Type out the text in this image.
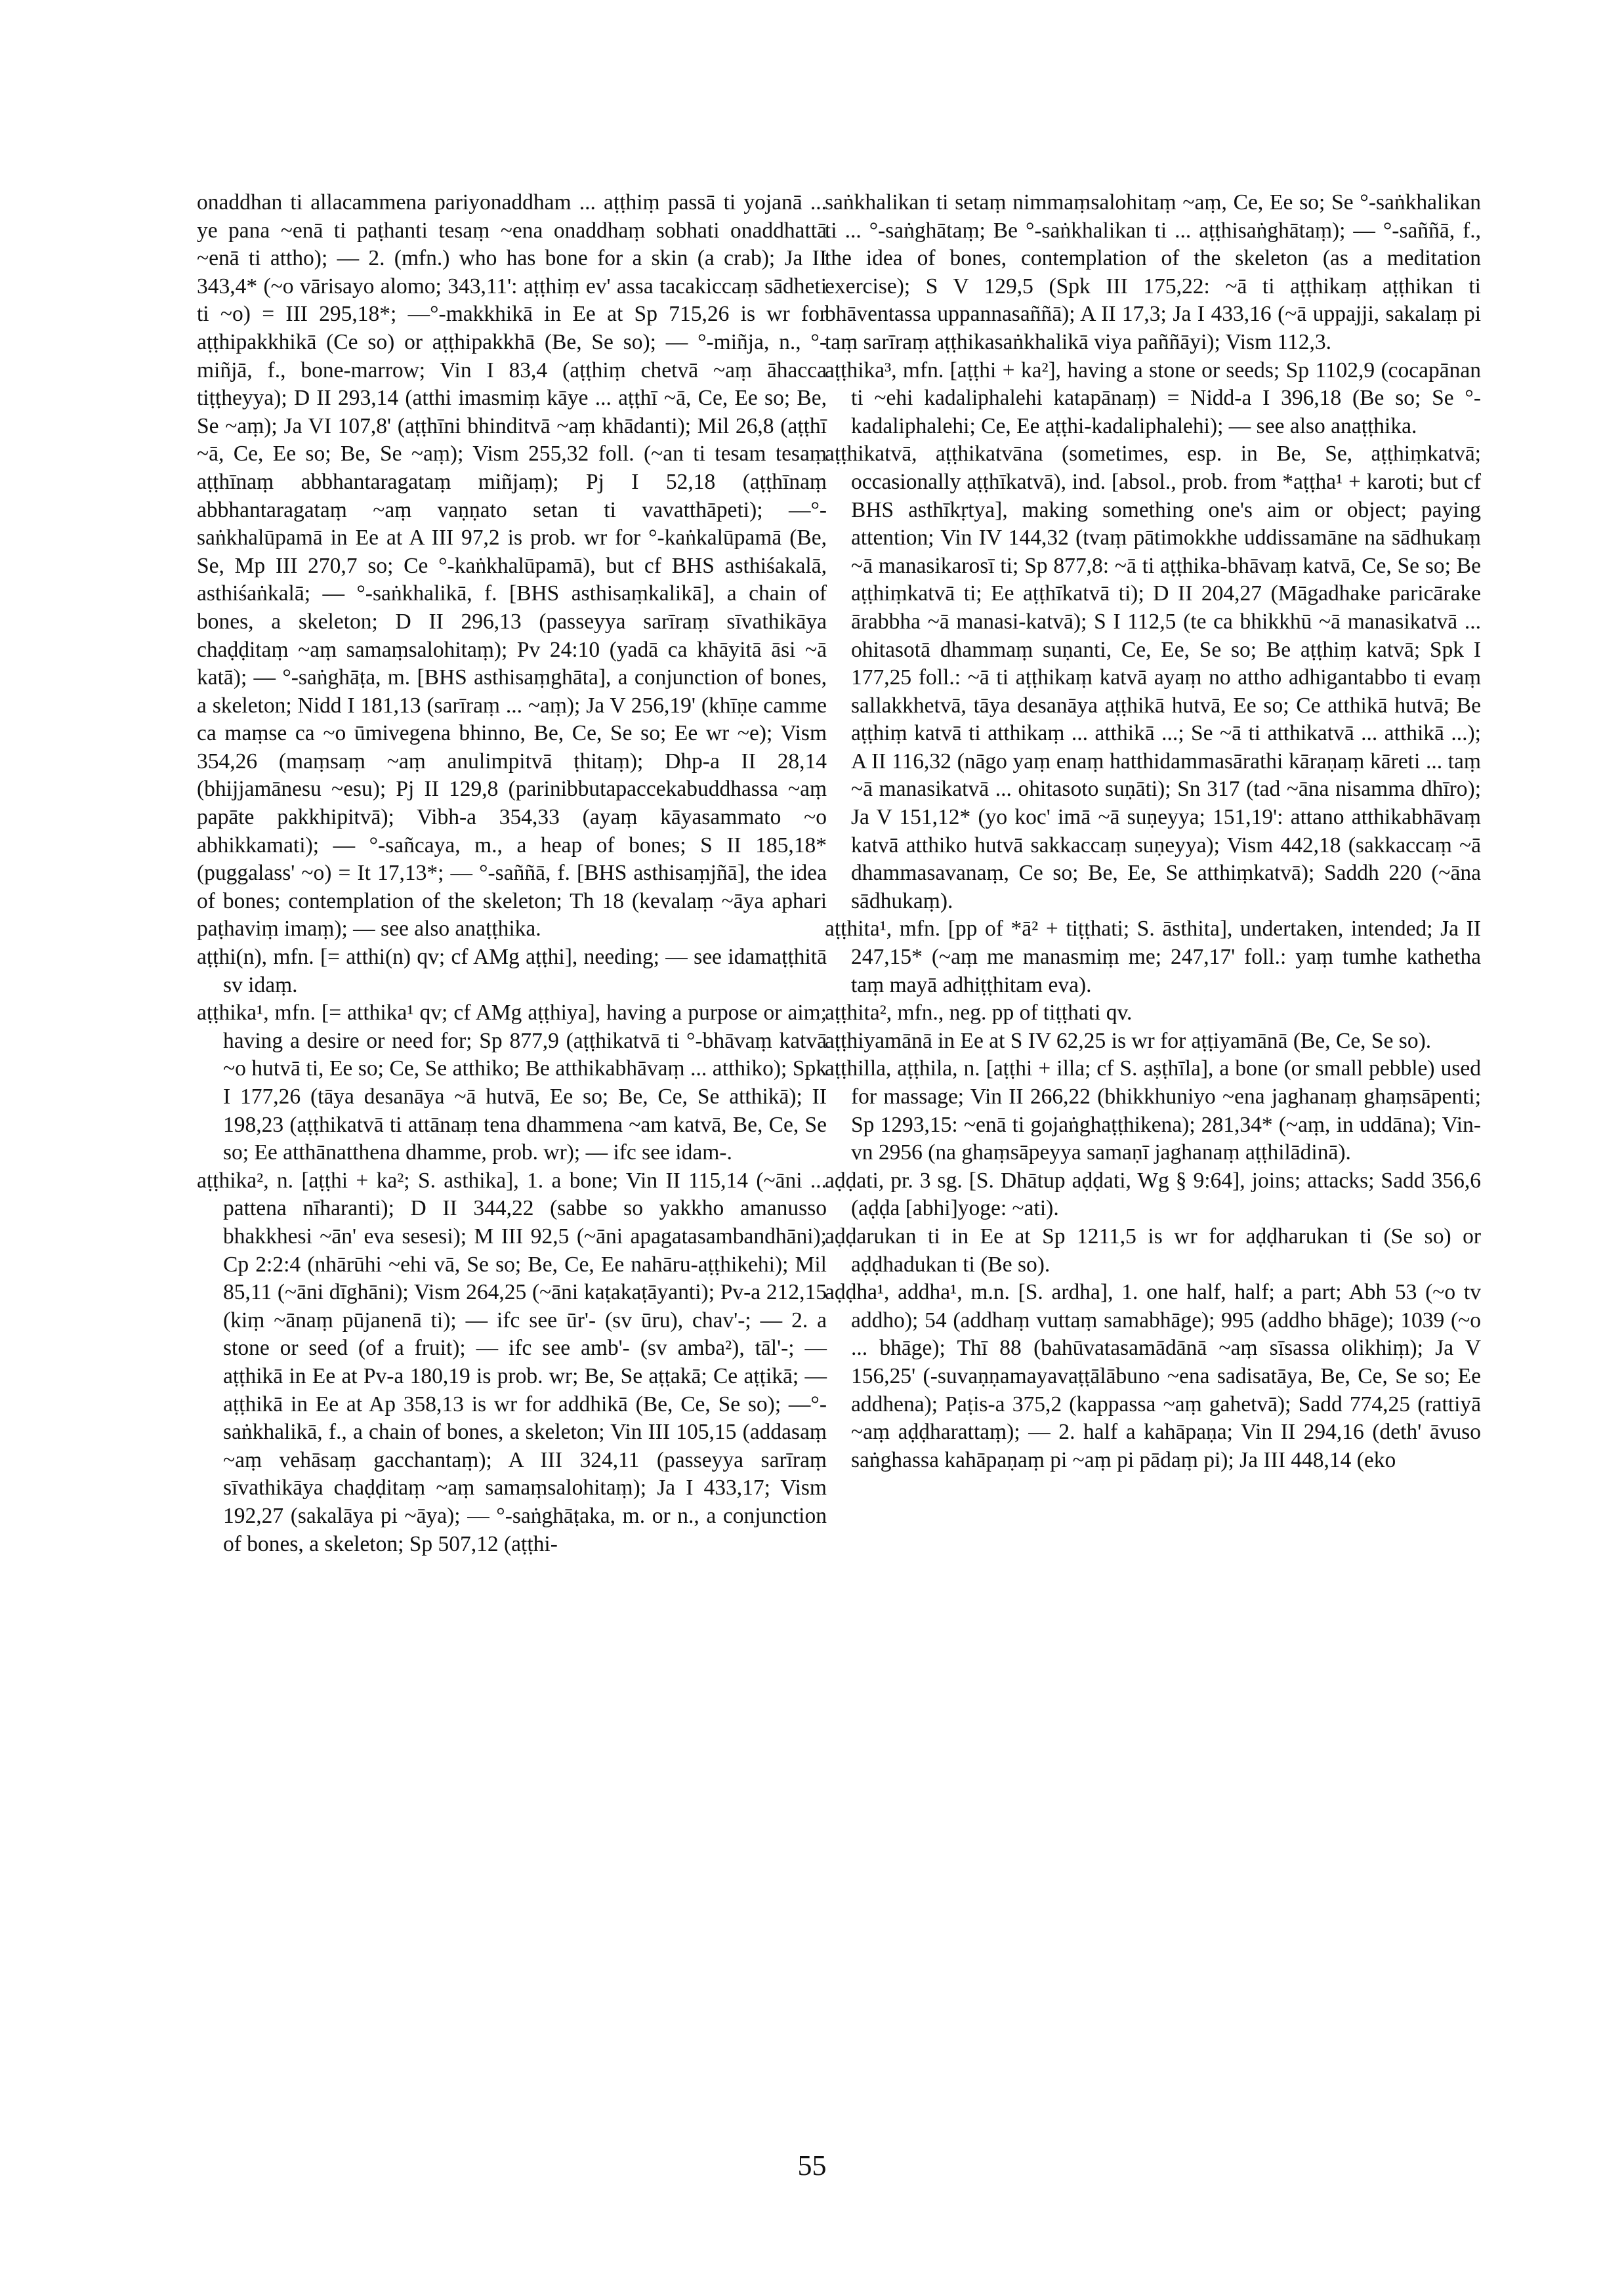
onaddhan ti allacammena pariyonaddham ... aṭṭhiṃ passā ti yojanā ... ye pana ~enā ti paṭhanti tesaṃ ~ena onaddhaṃ sobhati onaddhattā ~enā ti attho); — 2. (mfn.) who has bone for a skin (a crab); Ja II 343,4* (~o vārisayo alomo; 343,11': aṭṭhiṃ ev' assa tacakiccaṃ sādheti ti ~o) = III 295,18*; —°-makkhikā in Ee at Sp 715,26 is wr for aṭṭhipakkhikā (Ce so) or aṭṭhipakkhā (Be, Se so); — °-miñja, n., °-miñjā, f., bone-marrow; Vin I 83,4 (aṭṭhiṃ chetvā ~aṃ āhacca tiṭṭheyya); D II 293,14 (atthi imasmiṃ kāye ... aṭṭhī ~ā, Ce, Ee so; Be, Se ~aṃ); Ja VI 107,8' (aṭṭhīni bhinditvā ~aṃ khādanti); Mil 26,8 (aṭṭhī ~ā, Ce, Ee so; Be, Se ~aṃ); Vism 255,32 foll. (~an ti tesam tesaṃ aṭṭhīnaṃ abbhantaragataṃ miñjaṃ); Pj I 52,18 (aṭṭhīnaṃ abbhantaragataṃ ~aṃ vaṇṇato setan ti vavatthāpeti); —°-saṅkhalūpamā in Ee at A III 97,2 is prob. wr for °-kaṅkalūpamā (Be, Se, Mp III 270,7 so; Ce °-kaṅkhalūpamā), but cf BHS asthiśakalā, asthiśaṅkalā; — °-saṅkhalikā, f. [BHS asthisaṃkalikā], a chain of bones, a skeleton; D II 296,13 (passeyya sarīraṃ sīvathikāya chaḍḍitaṃ ~aṃ samaṃsalohitaṃ); Pv 24:10 (yadā ca khāyitā āsi ~ā katā); — °-saṅghāṭa, m. [BHS asthisaṃghāta], a conjunction of bones, a skeleton; Nidd I 181,13 (sarīraṃ ... ~aṃ); Ja V 256,19' (khīṇe camme ca maṃse ca ~o ūmivegena bhinno, Be, Ce, Se so; Ee wr ~e); Vism 354,26 (maṃsaṃ ~aṃ anulimpitvā ṭhitaṃ); Dhp-a II 28,14 (bhijjamānesu ~esu); Pj II 129,8 (parinibbutapaccekabuddhassa ~aṃ papāte pakkhipitvā); Vibh-a 354,33 (ayaṃ kāyasammato ~o abhikkamati); — °-sañcaya, m., a heap of bones; S II 185,18* (puggalass' ~o) = It 17,13*; — °-saññā, f. [BHS asthisaṃjñā], the idea of bones; contemplation of the skeleton; Th 18 (kevalaṃ ~āya aphari paṭhaviṃ imaṃ); — see also anaṭṭhika.

aṭṭhi(n), mfn. [= atthi(n) qv; cf AMg aṭṭhi], needing; — see idamaṭṭhitā sv idaṃ.

aṭṭhika¹, mfn. [= atthika¹ qv; cf AMg aṭṭhiya], having a purpose or aim; having a desire or need for; Sp 877,9 (aṭṭhikatvā ti °-bhāvaṃ katvā ~o hutvā ti, Ee so; Ce, Se atthiko; Be atthikabhāvaṃ ... atthiko); Spk I 177,26 (tāya desanāya ~ā hutvā, Ee so; Be, Ce, Se atthikā); II 198,23 (aṭṭhikatvā ti attānaṃ tena dhammena ~am katvā, Be, Ce, Se so; Ee atthānatthena dhamme, prob. wr); — ifc see idam-.

aṭṭhika², n. [aṭṭhi + ka²; S. asthika], 1. a bone; Vin II 115,14 (~āni ... pattena nīharanti); D II 344,22 (sabbe so yakkho amanusso bhakkhesi ~ān' eva sesesi); M III 92,5 (~āni apagatasambandhāni); Cp 2:2:4 (nhārūhi ~ehi vā, Se so; Be, Ce, Ee nahāru-aṭṭhikehi); Mil 85,11 (~āni dīghāni); Vism 264,25 (~āni kaṭakaṭāyanti); Pv-a 212,15 (kiṃ ~ānaṃ pūjanenā ti); — ifc see ūr'- (sv ūru), chav'-; — 2. a stone or seed (of a fruit); — ifc see amb'- (sv amba²), tāl'-; — aṭṭhikā in Ee at Pv-a 180,19 is prob. wr; Be, Se aṭṭakā; Ce aṭṭikā; — aṭṭhikā in Ee at Ap 358,13 is wr for addhikā (Be, Ce, Se so); —°-saṅkhalikā, f., a chain of bones, a skeleton; Vin III 105,15 (addasaṃ ~aṃ vehāsaṃ gacchantaṃ); A III 324,11 (passeyya sarīraṃ sīvathikāya chaḍḍitaṃ ~aṃ samaṃsalohitaṃ); Ja I 433,17; Vism 192,27 (sakalāya pi ~āya); — °-saṅghāṭaka, m. or n., a conjunction of bones, a skeleton; Sp 507,12 (aṭṭhi-

saṅkhalikan ti setaṃ nimmaṃsalohitaṃ ~aṃ, Ce, Ee so; Se °-saṅkhalikan ti ... °-saṅghātaṃ; Be °-saṅkhalikan ti ... aṭṭhisaṅghātaṃ); — °-saññā, f., the idea of bones, contemplation of the skeleton (as a meditation exercise); S V 129,5 (Spk III 175,22: ~ā ti aṭṭhikaṃ aṭṭhikan ti bhāventassa uppannasaññā); A II 17,3; Ja I 433,16 (~ā uppajji, sakalaṃ pi taṃ sarīraṃ aṭṭhikasaṅkhalikā viya paññāyi); Vism 112,3.

aṭṭhika³, mfn. [aṭṭhi + ka²], having a stone or seeds; Sp 1102,9 (cocapānan ti ~ehi kadaliphalehi katapānaṃ) = Nidd-a I 396,18 (Be so; Se °-kadaliphalehi; Ce, Ee aṭṭhi-kadaliphalehi); — see also anaṭṭhika.

aṭṭhikatvā, aṭṭhikatvāna (sometimes, esp. in Be, Se, aṭṭhiṃkatvā; occasionally aṭṭhīkatvā), ind. [absol., prob. from *aṭṭha¹ + karoti; but cf BHS asthīkṛtya], making something one's aim or object; paying attention; Vin IV 144,32 (tvaṃ pātimokkhe uddissamāne na sādhukaṃ ~ā manasikarosī ti; Sp 877,8: ~ā ti aṭṭhika-bhāvaṃ katvā, Ce, Se so; Be aṭṭhiṃkatvā ti; Ee aṭṭhīkatvā ti); D II 204,27 (Māgadhake paricārake ārabbha ~ā manasi-katvā); S I 112,5 (te ca bhikkhū ~ā manasikatvā ... ohitasotā dhammaṃ suṇanti, Ce, Ee, Se so; Be aṭṭhiṃ katvā; Spk I 177,25 foll.: ~ā ti aṭṭhikaṃ katvā ayaṃ no attho adhigantabbo ti evaṃ sallakkhetvā, tāya desanāya aṭṭhikā hutvā, Ee so; Ce atthikā hutvā; Be aṭṭhiṃ katvā ti atthikaṃ ... atthikā ...; Se ~ā ti atthikatvā ... atthikā ...); A II 116,32 (nāgo yaṃ enaṃ hatthidammasārathi kāraṇaṃ kāreti ... taṃ ~ā manasikatvā ... ohitasoto suṇāti); Sn 317 (tad ~āna nisamma dhīro); Ja V 151,12* (yo koc' imā ~ā suṇeyya; 151,19': attano atthikabhāvaṃ katvā atthiko hutvā sakkaccaṃ suṇeyya); Vism 442,18 (sakkaccaṃ ~ā dhammasavanaṃ, Ce so; Be, Ee, Se atthiṃkatvā); Saddh 220 (~āna sādhukaṃ).

aṭṭhita¹, mfn. [pp of *ā² + tiṭṭhati; S. āsthita], undertaken, intended; Ja II 247,15* (~aṃ me manasmiṃ me; 247,17' foll.: yaṃ tumhe kathetha taṃ mayā adhiṭṭhitam eva).

aṭṭhita², mfn., neg. pp of tiṭṭhati qv.

aṭṭhiyamānā in Ee at S IV 62,25 is wr for aṭṭiyamānā (Be, Ce, Se so).

aṭṭhilla, aṭṭhila, n. [aṭṭhi + illa; cf S. aṣṭhīla], a bone (or small pebble) used for massage; Vin II 266,22 (bhikkhuniyo ~ena jaghanaṃ ghaṃsāpenti; Sp 1293,15: ~enā ti gojaṅghaṭṭhikena); 281,34* (~aṃ, in uddāna); Vin-vn 2956 (na ghaṃsāpeyya samaṇī jaghanaṃ aṭṭhilādinā).

aḍḍati, pr. 3 sg. [S. Dhātup aḍḍati, Wg § 9:64], joins; attacks; Sadd 356,6 (aḍḍa [abhi]yoge: ~ati).

aḍḍarukan ti in Ee at Sp 1211,5 is wr for aḍḍharukan ti (Se so) or aḍḍhadukan ti (Be so).

aḍḍha¹, addha¹, m.n. [S. ardha], 1. one half, half; a part; Abh 53 (~o tv addho); 54 (addhaṃ vuttaṃ samabhāge); 995 (addho bhāge); 1039 (~o ... bhāge); Thī 88 (bahūvatasamādānā ~aṃ sīsassa olikhiṃ); Ja V 156,25' (-suvaṇṇamayavaṭṭālābuno ~ena sadisatāya, Be, Ce, Se so; Ee addhena); Paṭis-a 375,2 (kappassa ~aṃ gahetvā); Sadd 774,25 (rattiyā ~aṃ aḍḍharattaṃ); — 2. half a kahāpaṇa; Vin II 294,16 (deth' āvuso saṅghassa kahāpaṇaṃ pi ~aṃ pi pādaṃ pi); Ja III 448,14 (eko

55
